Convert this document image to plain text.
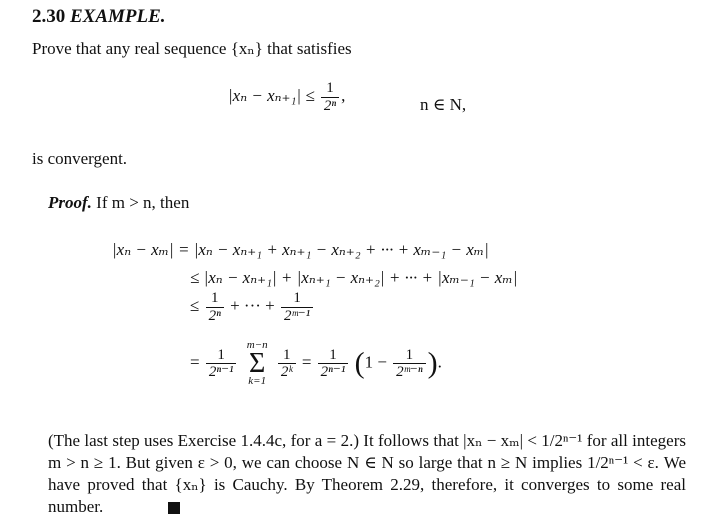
2.30 EXAMPLE.
Prove that any real sequence {xₙ} that satisfies
$|x_n - x_{n+1}| \le \frac{1}{\text{2ⁿ}}$ ,	n ∈ N,
is convergent.
Proof. If m > n, then
|xₙ − xₘ| = |xₙ − xₙ₊₁ + xₙ₊₁ − xₙ₊₂ + ··· + xₘ₋₁ − xₘ|
≤ |xₙ − xₙ₊₁| + |xₙ₊₁ − xₙ₊₂| + ··· + |xₘ₋₁ − xₘ|
≤ $\frac{1}{\text{2ⁿ}}$ + ··· + $\frac{1}{\text{2ᵐ⁻¹}}$
= $\frac{1}{\text{2ⁿ⁻¹}}$

m−n
Σ
k=1

$\frac{1}{\text{2ᵏ}} = \frac{1}{\text{2ⁿ⁻¹}} (1 - \frac{1}{\text{2ᵐ⁻ⁿ}}$ ).
(The last step uses Exercise 1.4.4c, for a = 2.) It follows that |xₙ − xₘ| < 1/2ⁿ⁻¹ for all integers m > n ≥ 1. But given ε > 0, we can choose N ∈ N so large that n ≥ N implies 1/2ⁿ⁻¹ < ε. We have proved that {xₙ} is Cauchy. By Theorem 2.29, therefore, it converges to some real number.
